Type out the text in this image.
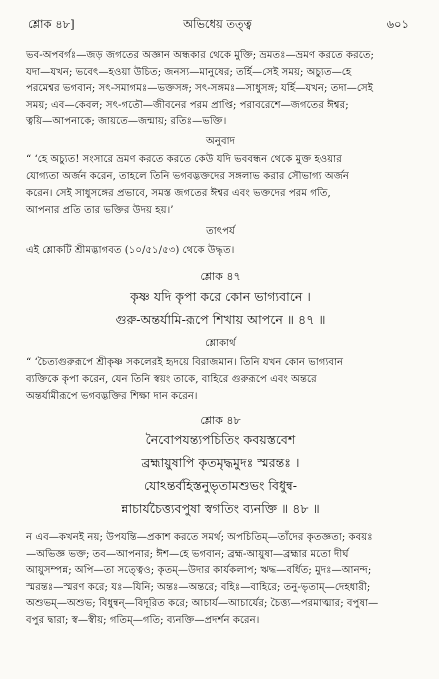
শ্লোক ৪৮]	অভিধেয় তত্ত্ব	৬০১

ভব-অপবর্গঃ—জড় জগতের অজ্ঞান অন্ধকার থেকে মুক্তি; ভ্রমতঃ—ভ্রমণ করতে করতে;

যদা—যখন; ভবেৎ—হওয়া উচিত; জনস্য—মানুষের; তর্হি—সেই সময়; অচ্যুত—হে

পরমেশ্বর ভগবান; সৎ-সমাগমঃ—ভক্তসঙ্গ; সৎ-সঙ্গমঃ—সাধুসঙ্গ; যর্হি—যখন; তদা—সেই

সময়; এব—কেবল; সৎ-গতৌ—জীবনের পরম প্রাপ্তি; পরাবরেশে—জগতের ঈশ্বর;

ত্বয়ি—আপনাকে; জায়তে—জন্মায়; রতিঃ—ভক্তি।

অনুবাদ

“ ‘হে অচ্যুত! সংসারে ভ্রমণ করতে করতে কেউ যদি ভববন্ধন থেকে মুক্ত হওয়ার

যোগ্যতা অর্জন করেন, তাহলে তিনি ভগবদ্ভক্তদের সঙ্গলাভ করার সৌভাগ্য অর্জন

করেন। সেই সাধুসঙ্গের প্রভাবে, সমস্ত জগতের ঈশ্বর এবং ভক্তদের পরম গতি,

আপনার প্রতি তার ভক্তির উদয় হয়।’

তাৎপর্য

এই শ্লোকটি শ্রীমদ্ভাগবত (১০/৫১/৫৩) থেকে উদ্ধৃত।

শ্লোক ৪৭

কৃষ্ণ যদি কৃপা করে কোন ভাগ্যবানে ।

গুরু-অন্তর্যামি-রূপে শিখায় আপনে ॥ ৪৭ ॥

শ্লোকার্থ

“ ‘চৈত্যগুরুরূপে শ্রীকৃষ্ণ সকলেরই হৃদয়ে বিরাজমান। তিনি যখন কোন ভাগ্যবান

ব্যক্তিকে কৃপা করেন, যেন তিনি স্বয়ং তাকে, বাহিরে গুরুরূপে এবং অন্তরে

অন্তর্যামীরূপে ভগবদ্ভক্তির শিক্ষা দান করেন।

শ্লোক ৪৮

নৈবোপযন্ত্যপচিতিং কবয়স্তবেশ

ব্রহ্মায়ুষাপি কৃতমৃদ্ধমুদঃ স্মরন্তঃ ।

যোঽন্তর্বহিস্তনুভৃতামশুভং বিধুন্ব-

ন্নাচার্যচৈত্ত্যবপুষা স্বগতিং ব্যনক্তি ॥ ৪৮ ॥

ন এব—কখনই নয়; উপযন্তি—প্রকাশ করতে সমর্থ; অপচিতিম্—তাঁদের কৃতজ্ঞতা; কবয়ঃ

—অভিজ্ঞ ভক্ত; তব—আপনার; ঈশ—হে ভগবান; ব্রহ্ম-আয়ুষা—ব্রহ্মার মতো দীর্ঘ

আয়ুসম্পন্ন; অপি—তা সত্ত্বেও; কৃতম্—উদার কার্যকলাপ; ঋদ্ধ—বর্ধিত; মুদঃ—আনন্দ;

স্মরন্তঃ—স্মরণ করে; যঃ—যিনি; অন্তঃ—অন্তরে; বহিঃ—বাহিরে; তনু-ভৃতাম্—দেহধারী;

অশুভম্—অশুভ; বিধুন্বন্—বিদূরিত করে; আচার্য—আচার্যের; চৈত্ত্য—পরমাত্মার; বপুষা—

বপুর দ্বারা; স্ব—স্বীয়; গতিম্—গতি; ব্যনক্তি—প্রদর্শন করেন।
